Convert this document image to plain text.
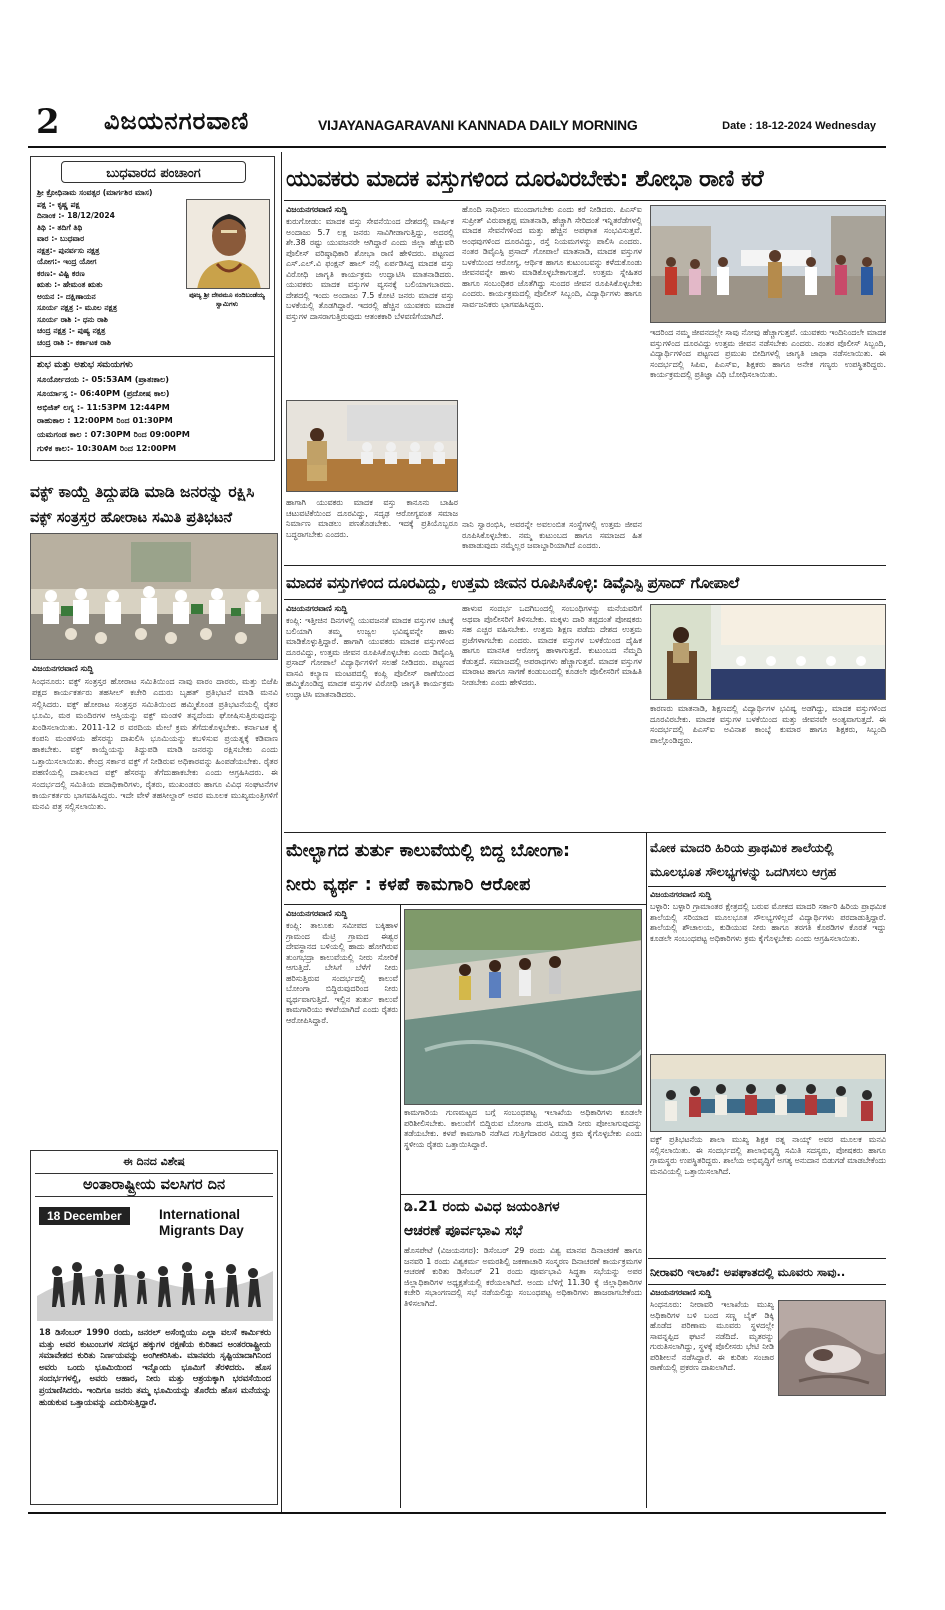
2 ವಿಜಯನಗರವಾಣಿ	VIJAYANAGARAVANI KANNADA DAILY MORNING	Date : 18-12-2024 Wednesday
ಬುಧವಾರದ ಪಂಚಾಂಗ
ಶ್ರೀ ಕ್ರೋಧಿನಾಮ ಸಂವತ್ಸರ (ಮಾರ್ಗಶಿರ ಮಾಸ)
ಪಕ್ಷ :- ಕೃಷ್ಣ ಪಕ್ಷ
ದಿನಾಂಕ :- 18/12/2024
ತಿಥಿ :- ತದಿಗೆ ತಿಥಿ
ವಾರ :- ಬುಧವಾರ
ನಕ್ಷತ್ರ:- ಪುನರ್ವಸು ನಕ್ಷತ್ರ
ಯೋಗ:- ಇಂದ್ರ ಯೋಗ
ಕರಣ:- ವಿಷ್ಟಿ ಕರಣ
ಋತು :- ಹೇಮಂತ ಋತು
ಅಯನ :- ದಕ್ಷಿಣಾಯನ
ಸೂರ್ಯ ನಕ್ಷತ್ರ :- ಮೂಲ ನಕ್ಷತ್ರ
ಸೂರ್ಯ ರಾಶಿ :- ಧನು ರಾಶಿ
ಚಂದ್ರ ನಕ್ಷತ್ರ :- ಪುಷ್ಯ ನಕ್ಷತ್ರ
ಚಂದ್ರ ರಾಶಿ :- ಕರ್ಕಾಟಕ ರಾಶಿ
ಪೂಜ್ಯ ಶ್ರೀ ದೇವಮೂ ನಂದಿಬಂಡೆಯ್ಯ ಸ್ವಾಮಿಗಳು
ಶುಭ ಮತ್ತು ಅಶುಭ ಸಮಯಗಳು
ಸೂರ್ಯೋದಯ :- 05:53AM (ಪ್ರಾತಃಕಾಲ)
ಸೂರ್ಯಾಸ್ತ :- 06:40PM (ಪ್ರದೋಷ ಕಾಲ)
ಅಭಿಜಿತ್ ಲಗ್ನ :- 11:53PM 12:44PM
ರಾಹುಕಾಲ : 12:00PM ರಿಂದ 01:30PM
ಯಮಗಂಡ ಕಾಲ : 07:30PM ರಿಂದ 09:00PM
ಗುಳಿಕ ಕಾಲ:- 10:30AM ರಿಂದ 12:00PM
ವಕ್ಫ್ ಕಾಯ್ದೆ ತಿದ್ದುಪಡಿ ಮಾಡಿ ಜನರನ್ನು ರಕ್ಷಿಸಿ
ವಕ್ಫ್ ಸಂತ್ರಸ್ತರ ಹೋರಾಟ ಸಮಿತಿ ಪ್ರತಿಭಟನೆ
ವಿಜಯನಗರವಾಣಿ ಸುದ್ದಿ
ಸಿಂಧನೂರು: ವಕ್ಫ್ ಸಂತ್ರಸ್ತರ ಹೋರಾಟ ಸಮಿತಿಯಿಂದ ನಾವು ವಾರಂ ದಾರರು, ಮತ್ತು ಬಿಜೆಪಿ ಪಕ್ಷದ ಕಾರ್ಯಕರ್ತರು ತಹಸೀಲ್ ಕಚೇರಿ ಎದುರು ಬೃಹತ್ ಪ್ರತಿಭಟನೆ ಮಾಡಿ ಮನವಿ ಸಲ್ಲಿಸಿದರು. ವಕ್ಫ್ ಹೋರಾಟ ಸಂತ್ರಸ್ತರ ಸಮಿತಿಯಿಂದ ಹಮ್ಮಿಕೊಂಡ ಪ್ರತಿಭಟನೆಯಲ್ಲಿ ರೈತರ ಭೂಮಿ, ಮಠ ಮಂದಿರಗಳ ಆಸ್ತಿಯನ್ನು ವಕ್ಫ್ ಮಂಡಳಿ ತನ್ನದೆಂದು ಘೋಷಿಸುತ್ತಿರುವುದನ್ನು ಖಂಡಿಸಲಾಯಿತು. 2011-12 ರ ವರದಿಯ ಮೇಲೆ ಕ್ರಮ ತೆಗೆದುಕೊಳ್ಳಬೇಕು. ಕರ್ನಾಟಕ ಕೈ ಕಂಪನಿ ಮಂಡಳಿಯ ಹೆಸರನ್ನು ದಾಖಲಿಸಿ ಭೂಮಿಯನ್ನು ಕಬಳಿಸುವ ಪ್ರಯತ್ನಕ್ಕೆ ಕಡಿವಾಣ ಹಾಕಬೇಕು. ವಕ್ಫ್ ಕಾಯ್ದೆಯನ್ನು ತಿದ್ದುಪಡಿ ಮಾಡಿ ಜನರನ್ನು ರಕ್ಷಿಸಬೇಕು ಎಂದು ಒತ್ತಾಯಿಸಲಾಯಿತು. ಕೇಂದ್ರ ಸರ್ಕಾರ ವಕ್ಫ್ ಗೆ ನೀಡಿರುವ ಅಧಿಕಾರವನ್ನು ಹಿಂಪಡೆಯಬೇಕು. ರೈತರ ಪಹಣಿಯಲ್ಲಿ ದಾಖಲಾದ ವಕ್ಫ್ ಹೆಸರನ್ನು ತೆಗೆದುಹಾಕಬೇಕು ಎಂದು ಆಗ್ರಹಿಸಿದರು. ಈ ಸಂದರ್ಭದಲ್ಲಿ ಸಮಿತಿಯ ಪದಾಧಿಕಾರಿಗಳು, ರೈತರು, ಮುಖಂಡರು ಹಾಗೂ ವಿವಿಧ ಸಂಘಟನೆಗಳ ಕಾರ್ಯಕರ್ತರು ಭಾಗವಹಿಸಿದ್ದರು. ಇದೇ ವೇಳೆ ತಹಸೀಲ್ದಾರ್ ಅವರ ಮೂಲಕ ಮುಖ್ಯಮಂತ್ರಿಗಳಿಗೆ ಮನವಿ ಪತ್ರ ಸಲ್ಲಿಸಲಾಯಿತು.
ಈ ದಿನದ ವಿಶೇಷ
ಅಂತಾರಾಷ್ಟ್ರೀಯ ವಲಸಿಗರ ದಿನ
18 December	International
Migrants Day
18 ಡಿಸೆಂಬರ್ 1990 ರಂದು, ಜನರಲ್ ಅಸೆಂಬ್ಲಿಯು ಎಲ್ಲಾ ವಲಸೆ ಕಾರ್ಮಿಕರು ಮತ್ತು ಅವರ ಕುಟುಂಬಗಳ ಸದಸ್ಯರ ಹಕ್ಕುಗಳ ರಕ್ಷಣೆಯ ಕುರಿತಾದ ಅಂತರರಾಷ್ಟ್ರೀಯ ಸಮಾವೇಶದ ಕುರಿತು ನಿರ್ಣಯವನ್ನು ಅಂಗೀಕರಿಸಿತು. ಮಾನವರು ಸೃಷ್ಟಿಯಾದಾಗಿನಿಂದ ಅವರು ಒಂದು ಭೂಮಿಯಿಂದ ಇನ್ನೊಂದು ಭೂಮಿಗೆ ತೆರಳಿದರು. ಹೊಸ ಸಂದರ್ಭಗಳಲ್ಲಿ, ಅವರು ಆಹಾರ, ನೀರು ಮತ್ತು ಆಶ್ರಯಕ್ಕಾಗಿ ಭರವಸೆಯಿಂದ ಪ್ರಯಾಣಿಸಿದರು. ಇಂದಿಗೂ ಜನರು ತಮ್ಮ ಭೂಮಿಯನ್ನು ತೊರೆದು ಹೊಸ ಮನೆಯನ್ನು ಹುಡುಕುವ ಒತ್ತಾಯವನ್ನು ಎದುರಿಸುತ್ತಿದ್ದಾರೆ.
ಯುವಕರು ಮಾದಕ ವಸ್ತುಗಳಿಂದ ದೂರವಿರಬೇಕು: ಶೋಭಾ ರಾಣಿ ಕರೆ
ವಿಜಯನಗರವಾಣಿ ಸುದ್ದಿ
ಕುರುಗೋಡು: ಮಾದಕ ವಸ್ತು ಸೇವನೆಯಿಂದ ದೇಶದಲ್ಲಿ ವಾರ್ಷಿಕ ಅಂದಾಜು 5.7 ಲಕ್ಷ ಜನರು ಸಾವಿಗೀಡಾಗುತ್ತಿದ್ದು, ಅದರಲ್ಲಿ ಶೇ.38 ರಷ್ಟು ಯುವಜನರೇ ಆಗಿದ್ದಾರೆ ಎಂದು ಜಿಲ್ಲಾ ಹೆಚ್ಚುವರಿ ಪೊಲೀಸ್ ವರಿಷ್ಠಾಧಿಕಾರಿ ಶೋಭಾ ರಾಣಿ ಹೇಳಿದರು. ಪಟ್ಟಣದ ಎಸ್.ಎಲ್.ವಿ ಫಂಕ್ಷನ್ ಹಾಲ್ ನಲ್ಲಿ ಏರ್ಪಡಿಸಿದ್ದ ಮಾದಕ ವಸ್ತು ವಿರೋಧಿ ಜಾಗೃತಿ ಕಾರ್ಯಕ್ರಮ ಉದ್ಘಾಟಿಸಿ ಮಾತನಾಡಿದರು. ಯುವಕರು ಮಾದಕ ವಸ್ತುಗಳ ವ್ಯಸನಕ್ಕೆ ಬಲಿಯಾಗಬಾರದು. ದೇಶದಲ್ಲಿ ಇಂದು ಅಂದಾಜು 7.5 ಕೋಟಿ ಜನರು ಮಾದಕ ವಸ್ತು ಬಳಕೆಯಲ್ಲಿ ತೊಡಗಿದ್ದಾರೆ. ಇದರಲ್ಲಿ ಹೆಚ್ಚಿನ ಯುವಕರು ಮಾದಕ ವಸ್ತುಗಳ ದಾಸರಾಗುತ್ತಿರುವುದು ಆತಂಕಕಾರಿ ಬೆಳವಣಿಗೆಯಾಗಿದೆ.
ಹೊಂದಿ ಸಾಧಿಸಲು ಮುಂದಾಗಬೇಕು ಎಂದು ಕರೆ ನೀಡಿದರು. ಪಿಎಸ್ಐ ಸುಪ್ರೀತ್ ವಿರುಪಾಕ್ಷಪ್ಪ ಮಾತನಾಡಿ, ಹೆಚ್ಚಾಗಿ ಸೇರಿದಂತೆ ಇನ್ನಿತರೆಡೆಗಳಲ್ಲಿ ಮಾದಕ ಸೇವನೆಗಳಿಂದ ಮತ್ತು ಹೆಚ್ಚಿನ ಅಪಘಾತ ಸಂಭವಿಸುತ್ತವೆ. ಅಂಥವುಗಳಿಂದ ದೂರವಿದ್ದು, ರಸ್ತೆ ನಿಯಮಗಳನ್ನು ಪಾಲಿಸಿ ಎಂದರು. ನಂತರ ಡಿವೈಎಸ್ಪಿ ಪ್ರಸಾದ್ ಗೋಪಾಲೆ ಮಾತನಾಡಿ, ಮಾದಕ ವಸ್ತುಗಳ ಬಳಕೆಯಿಂದ ಆರೋಗ್ಯ, ಆರ್ಥಿಕ ಹಾಗೂ ಕುಟುಂಬವನ್ನು ಕಳೆದುಕೊಂಡು ಜೀವನವನ್ನೇ ಹಾಳು ಮಾಡಿಕೊಳ್ಳಬೇಕಾಗುತ್ತದೆ. ಉತ್ತಮ ಸ್ನೇಹಿತರ ಹಾಗೂ ಸಂಬಂಧಿಕರ ಜೊತೆಗಿದ್ದು ಸುಂದರ ಜೀವನ ರೂಪಿಸಿಕೊಳ್ಳಬೇಕು ಎಂದರು. ಕಾರ್ಯಕ್ರಮದಲ್ಲಿ ಪೊಲೀಸ್ ಸಿಬ್ಬಂದಿ, ವಿದ್ಯಾರ್ಥಿಗಳು ಹಾಗೂ ಸಾರ್ವಜನಿಕರು ಭಾಗವಹಿಸಿದ್ದರು.
ಇದರಿಂದ ನಮ್ಮ ಜೀವನದಲ್ಲೇ ಸಾವು ನೋವು ಹೆಚ್ಚಾಗುತ್ತವೆ. ಯುವಕರು ಇಂದಿನಿಂದಲೇ ಮಾದಕ ವಸ್ತುಗಳಿಂದ ದೂರವಿದ್ದು ಉತ್ತಮ ಜೀವನ ನಡೆಸಬೇಕು ಎಂದರು. ನಂತರ ಪೊಲೀಸ್ ಸಿಬ್ಬಂದಿ, ವಿದ್ಯಾರ್ಥಿಗಳಿಂದ ಪಟ್ಟಣದ ಪ್ರಮುಖ ಬೀದಿಗಳಲ್ಲಿ ಜಾಗೃತಿ ಜಾಥಾ ನಡೆಸಲಾಯಿತು. ಈ ಸಂದರ್ಭದಲ್ಲಿ ಸಿಪಿಐ, ಪಿಎಸ್ಐ, ಶಿಕ್ಷಕರು ಹಾಗೂ ಅನೇಕ ಗಣ್ಯರು ಉಪಸ್ಥಿತರಿದ್ದರು. ಕಾರ್ಯಕ್ರಮದಲ್ಲಿ ಪ್ರತಿಜ್ಞಾ ವಿಧಿ ಬೋಧಿಸಲಾಯಿತು.
ಹಾಗಾಗಿ ಯುವಕರು ಮಾದಕ ವಸ್ತು ಕಾನೂನು ಬಾಹಿರ ಚಟುವಟಿಕೆಯಿಂದ ದೂರವಿದ್ದು, ಸದೃಢ ಆರೋಗ್ಯವಂತ ಸಮಾಜ ನಿರ್ಮಾಣ ಮಾಡಲು ಪಣತೊಡಬೇಕು. ಇದಕ್ಕೆ ಪ್ರತಿಯೊಬ್ಬರೂ ಬದ್ಧರಾಗಬೇಕು ಎಂದರು.
ನಾನಿ ಸ್ವಾರಂಭಿಸಿ, ಅವರನ್ನೇ ಅವಲಂಬಿತ ಸಂಸ್ಥೆಗಳಲ್ಲಿ ಉತ್ತಮ ಜೀವನ ರೂಪಿಸಿಕೊಳ್ಳಬೇಕು. ನಮ್ಮ ಕುಟುಂಬದ ಹಾಗೂ ಸಮಾಜದ ಹಿತ ಕಾಪಾಡುವುದು ನಮ್ಮೆಲ್ಲರ ಜವಾಬ್ದಾರಿಯಾಗಿದೆ ಎಂದರು.
ಮಾದಕ ವಸ್ತುಗಳಿಂದ ದೂರವಿದ್ದು, ಉತ್ತಮ ಜೀವನ ರೂಪಿಸಿಕೊಳ್ಳಿ: ಡಿವೈಎಸ್ಪಿ ಪ್ರಸಾದ್ ಗೋಪಾಲೆ
ವಿಜಯನಗರವಾಣಿ ಸುದ್ದಿ
ಕಂಪ್ಲಿ: ಇತ್ತೀಚಿನ ದಿನಗಳಲ್ಲಿ ಯುವಜನತೆ ಮಾದಕ ವಸ್ತುಗಳ ಚಟಕ್ಕೆ ಬಲಿಯಾಗಿ ತಮ್ಮ ಉಜ್ವಲ ಭವಿಷ್ಯವನ್ನೇ ಹಾಳು ಮಾಡಿಕೊಳ್ಳುತ್ತಿದ್ದಾರೆ. ಹಾಗಾಗಿ ಯುವಕರು ಮಾದಕ ವಸ್ತುಗಳಿಂದ ದೂರವಿದ್ದು, ಉತ್ತಮ ಜೀವನ ರೂಪಿಸಿಕೊಳ್ಳಬೇಕು ಎಂದು ಡಿವೈಎಸ್ಪಿ ಪ್ರಸಾದ್ ಗೋಪಾಲೆ ವಿದ್ಯಾರ್ಥಿಗಳಿಗೆ ಸಲಹೆ ನೀಡಿದರು. ಪಟ್ಟಣದ ವಾಸವಿ ಕಲ್ಯಾಣ ಮಂಟಪದಲ್ಲಿ ಕಂಪ್ಲಿ ಪೊಲೀಸ್ ಠಾಣೆಯಿಂದ ಹಮ್ಮಿಕೊಂಡಿದ್ದ ಮಾದಕ ವಸ್ತುಗಳ ವಿರೋಧಿ ಜಾಗೃತಿ ಕಾರ್ಯಕ್ರಮ ಉದ್ಘಾಟಿಸಿ ಮಾತನಾಡಿದರು.
ಹಾಳುವ ಸಂದರ್ಭ ಒದಗಿಬಂದಲ್ಲಿ ಸಂಬಂಧಿಗಳನ್ನು ಮನೆಯವರಿಗೆ ಅಥವಾ ಪೊಲೀಸರಿಗೆ ತಿಳಿಸಬೇಕು. ಮಕ್ಕಳು ದಾರಿ ತಪ್ಪದಂತೆ ಪೋಷಕರು ಸಹ ಎಚ್ಚರ ವಹಿಸಬೇಕು. ಉತ್ತಮ ಶಿಕ್ಷಣ ಪಡೆದು ದೇಶದ ಉತ್ತಮ ಪ್ರಜೆಗಳಾಗಬೇಕು ಎಂದರು. ಮಾದಕ ವಸ್ತುಗಳ ಬಳಕೆಯಿಂದ ದೈಹಿಕ ಹಾಗೂ ಮಾನಸಿಕ ಆರೋಗ್ಯ ಹಾಳಾಗುತ್ತದೆ. ಕುಟುಂಬದ ನೆಮ್ಮದಿ ಕೆಡುತ್ತದೆ. ಸಮಾಜದಲ್ಲಿ ಅಪರಾಧಗಳು ಹೆಚ್ಚಾಗುತ್ತವೆ. ಮಾದಕ ವಸ್ತುಗಳ ಮಾರಾಟ ಹಾಗೂ ಸಾಗಣೆ ಕಂಡುಬಂದಲ್ಲಿ ಕೂಡಲೇ ಪೊಲೀಸರಿಗೆ ಮಾಹಿತಿ ನೀಡಬೇಕು ಎಂದು ಹೇಳಿದರು.
ಕಾರಣರು ಮಾತನಾಡಿ, ಶಿಕ್ಷಣದಲ್ಲಿ ವಿದ್ಯಾರ್ಥಿಗಳ ಭವಿಷ್ಯ ಅಡಗಿದ್ದು, ಮಾದಕ ವಸ್ತುಗಳಿಂದ ದೂರವಿರಬೇಕು. ಮಾದಕ ವಸ್ತುಗಳ ಬಳಕೆಯಿಂದ ಮತ್ತು ಜೀವನವೇ ಅಂತ್ಯವಾಗುತ್ತದೆ. ಈ ಸಂದರ್ಭದಲ್ಲಿ ಪಿಎಸ್ಐ ಅವಿನಾಶ ಕಾಂಬ್ಳೆ ಕುಮಾರ ಹಾಗೂ ಶಿಕ್ಷಕರು, ಸಿಬ್ಬಂದಿ ಪಾಲ್ಗೊಂಡಿದ್ದರು.
ಮೇಲ್ಭಾಗದ ತುರ್ತು ಕಾಲುವೆಯಲ್ಲಿ ಬಿದ್ದ ಬೋಂಗಾ:
ನೀರು ವ್ಯರ್ಥ : ಕಳಪೆ ಕಾಮಗಾರಿ ಆರೋಪ
ವಿಜಯನಗರವಾಣಿ ಸುದ್ದಿ
ಕಂಪ್ಲಿ: ತಾಲೂಕು ಸಮೀಪದ ಬಕ್ಕಿಹಾಳ ಗ್ರಾಮಂದ ಮೆಟ್ರಿ ಗ್ರಾಮದ ಈಶ್ವರ ದೇವಸ್ಥಾನದ ಬಳಿಯಲ್ಲಿ ಹಾದು ಹೋಗಿರುವ ತುಂಗಭದ್ರಾ ಕಾಲುವೆಯಲ್ಲಿ ನೀರು ಸೋರಿಕೆ ಆಗುತ್ತಿದೆ. ಬೇಸಿಗೆ ಬೆಳೆಗೆ ನೀರು ಹರಿಸುತ್ತಿರುವ ಸಂದರ್ಭದಲ್ಲಿ ಕಾಲುವೆ ಬೋಂಗಾ ಬಿದ್ದಿರುವುದರಿಂದ ನೀರು ವ್ಯರ್ಥವಾಗುತ್ತಿದೆ. ಇಲ್ಲಿನ ತುರ್ತು ಕಾಲುವೆ ಕಾಮಗಾರಿಯು ಕಳಪೆಯಾಗಿದೆ ಎಂದು ರೈತರು ಆರೋಪಿಸಿದ್ದಾರೆ.
ಕಾಮಗಾರಿಯ ಗುಣಮಟ್ಟದ ಬಗ್ಗೆ ಸಂಬಂಧಪಟ್ಟ ಇಲಾಖೆಯ ಅಧಿಕಾರಿಗಳು ಕೂಡಲೇ ಪರಿಶೀಲಿಸಬೇಕು. ಕಾಲುವೆಗೆ ಬಿದ್ದಿರುವ ಬೋಂಗಾ ದುರಸ್ತಿ ಮಾಡಿ ನೀರು ಪೋಲಾಗುವುದನ್ನು ತಡೆಯಬೇಕು. ಕಳಪೆ ಕಾಮಗಾರಿ ನಡೆಸಿದ ಗುತ್ತಿಗೆದಾರರ ವಿರುದ್ಧ ಕ್ರಮ ಕೈಗೊಳ್ಳಬೇಕು ಎಂದು ಸ್ಥಳೀಯ ರೈತರು ಒತ್ತಾಯಿಸಿದ್ದಾರೆ.
ಡಿ.21 ರಂದು ವಿವಿಧ ಜಯಂತಿಗಳ
ಆಚರಣೆ ಪೂರ್ವಭಾವಿ ಸಭೆ
ಹೊಸಪೇಟೆ (ವಿಜಯನಗರ): ಡಿಸೆಂಬರ್ 29 ರಂದು ವಿಶ್ವ ಮಾನವ ದಿನಾಚರಣೆ ಹಾಗೂ ಜನವರಿ 1 ರಂದು ವಿಶ್ವಕರ್ಮ ಅಮರಶಿಲ್ಪಿ ಜಕಣಾಚಾರಿ ಸಂಸ್ಮರಣ ದಿನಾಚರಣೆ ಕಾರ್ಯಕ್ರಮಗಳ ಆಚರಣೆ ಕುರಿತು ಡಿಸೆಂಬರ್ 21 ರಂದು ಪೂರ್ವಭಾವಿ ಸಿದ್ಧತಾ ಸಭೆಯನ್ನು ಅಪರ ಜಿಲ್ಲಾಧಿಕಾರಿಗಳ ಅಧ್ಯಕ್ಷತೆಯಲ್ಲಿ ಕರೆಯಲಾಗಿದೆ. ಅಂದು ಬೆಳಿಗ್ಗೆ 11.30 ಕ್ಕೆ ಜಿಲ್ಲಾಧಿಕಾರಿಗಳ ಕಚೇರಿ ಸಭಾಂಗಣದಲ್ಲಿ ಸಭೆ ನಡೆಯಲಿದ್ದು ಸಂಬಂಧಪಟ್ಟ ಅಧಿಕಾರಿಗಳು ಹಾಜರಾಗಬೇಕೆಂದು ತಿಳಿಸಲಾಗಿದೆ.
ಮೋಕ ಮಾದರಿ ಹಿರಿಯ ಪ್ರಾಥಮಿಕ ಶಾಲೆಯಲ್ಲಿ
ಮೂಲಭೂತ ಸೌಲಭ್ಯಗಳನ್ನು ಒದಗಿಸಲು ಆಗ್ರಹ
ವಿಜಯನಗರವಾಣಿ ಸುದ್ದಿ
ಬಳ್ಳಾರಿ: ಬಳ್ಳಾರಿ ಗ್ರಾಮಾಂತರ ಕ್ಷೇತ್ರದಲ್ಲಿ ಬರುವ ಮೋಕದ ಮಾದರಿ ಸರ್ಕಾರಿ ಹಿರಿಯ ಪ್ರಾಥಮಿಕ ಶಾಲೆಯಲ್ಲಿ ಸರಿಯಾದ ಮೂಲಭೂತ ಸೌಲಭ್ಯಗಳಿಲ್ಲದೆ ವಿದ್ಯಾರ್ಥಿಗಳು ಪರದಾಡುತ್ತಿದ್ದಾರೆ. ಶಾಲೆಯಲ್ಲಿ ಶೌಚಾಲಯ, ಕುಡಿಯುವ ನೀರು ಹಾಗೂ ತರಗತಿ ಕೊಠಡಿಗಳ ಕೊರತೆ ಇದ್ದು ಕೂಡಲೇ ಸಂಬಂಧಪಟ್ಟ ಅಧಿಕಾರಿಗಳು ಕ್ರಮ ಕೈಗೊಳ್ಳಬೇಕು ಎಂದು ಆಗ್ರಹಿಸಲಾಯಿತು.
ವಕ್ಫ್ ಪ್ರತಿಭಟನೆಯ ಶಾಲಾ ಮುಖ್ಯ ಶಿಕ್ಷಕ ರತ್ನ ನಾಯ್ಕ್ ಅವರ ಮೂಲಕ ಮನವಿ ಸಲ್ಲಿಸಲಾಯಿತು. ಈ ಸಂದರ್ಭದಲ್ಲಿ ಶಾಲಾಭಿವೃದ್ಧಿ ಸಮಿತಿ ಸದಸ್ಯರು, ಪೋಷಕರು ಹಾಗೂ ಗ್ರಾಮಸ್ಥರು ಉಪಸ್ಥಿತರಿದ್ದರು. ಶಾಲೆಯ ಅಭಿವೃದ್ಧಿಗೆ ಅಗತ್ಯ ಅನುದಾನ ಬಿಡುಗಡೆ ಮಾಡಬೇಕೆಂದು ಮನವಿಯಲ್ಲಿ ಒತ್ತಾಯಿಸಲಾಗಿದೆ.
ನೀರಾವರಿ ಇಲಾಖೆ: ಅಪಘಾತದಲ್ಲಿ ಮೂವರು ಸಾವು..
ವಿಜಯನಗರವಾಣಿ ಸುದ್ದಿ
ಸಿಂಧನೂರು: ನೀರಾವರಿ ಇಲಾಖೆಯ ಮುಖ್ಯ ಅಧಿಕಾರಿಗಳ ಬಳಿ ಬಂದ ಸಣ್ಣ ಬೈಕ್ ಡಿಕ್ಕಿ ಹೊಡೆದ ಪರಿಣಾಮ ಮೂವರು ಸ್ಥಳದಲ್ಲೇ ಸಾವನ್ನಪ್ಪಿದ ಘಟನೆ ನಡೆದಿದೆ. ಮೃತರನ್ನು ಗುರುತಿಸಲಾಗಿದ್ದು, ಸ್ಥಳಕ್ಕೆ ಪೊಲೀಸರು ಭೇಟಿ ನೀಡಿ ಪರಿಶೀಲನೆ ನಡೆಸಿದ್ದಾರೆ. ಈ ಕುರಿತು ಸಂಚಾರ ಠಾಣೆಯಲ್ಲಿ ಪ್ರಕರಣ ದಾಖಲಾಗಿದೆ.
